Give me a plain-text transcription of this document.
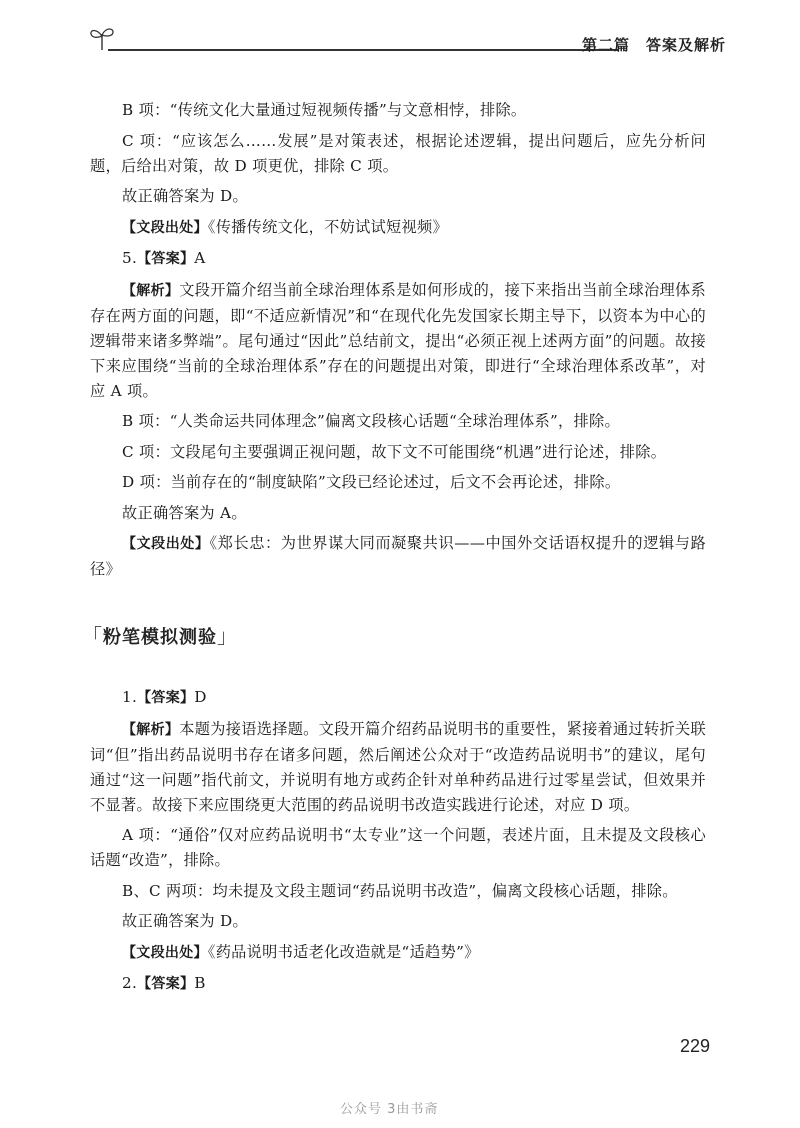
第二篇　答案及解析

B 项：“传统文化大量通过短视频传播”与文意相悖，排除。

C 项：“应该怎么……发展”是对策表述，根据论述逻辑，提出问题后，应先分析问题，后给出对策，故 D 项更优，排除 C 项。

故正确答案为 D。

【文段出处】《传播传统文化，不妨试试短视频》

5.【答案】A

【解析】文段开篇介绍当前全球治理体系是如何形成的，接下来指出当前全球治理体系存在两方面的问题，即“不适应新情况”和“在现代化先发国家长期主导下，以资本为中心的逻辑带来诸多弊端”。尾句通过“因此”总结前文，提出“必须正视上述两方面”的问题。故接下来应围绕“当前的全球治理体系”存在的问题提出对策，即进行“全球治理体系改革”，对应 A 项。

B 项：“人类命运共同体理念”偏离文段核心话题“全球治理体系”，排除。

C 项：文段尾句主要强调正视问题，故下文不可能围绕“机遇”进行论述，排除。

D 项：当前存在的“制度缺陷”文段已经论述过，后文不会再论述，排除。

故正确答案为 A。

【文段出处】《郑长忠：为世界谋大同而凝聚共识——中国外交话语权提升的逻辑与路径》

「粉笔模拟测验」

1.【答案】D

【解析】本题为接语选择题。文段开篇介绍药品说明书的重要性，紧接着通过转折关联词“但”指出药品说明书存在诸多问题，然后阐述公众对于“改造药品说明书”的建议，尾句通过“这一问题”指代前文，并说明有地方或药企针对单种药品进行过零星尝试，但效果并不显著。故接下来应围绕更大范围的药品说明书改造实践进行论述，对应 D 项。

A 项：“通俗”仅对应药品说明书“太专业”这一个问题，表述片面，且未提及文段核心话题“改造”，排除。

B、C 两项：均未提及文段主题词“药品说明书改造”，偏离文段核心话题，排除。

故正确答案为 D。

【文段出处】《药品说明书适老化改造就是“适趋势”》

2.【答案】B

229
公众号 3由书斋
